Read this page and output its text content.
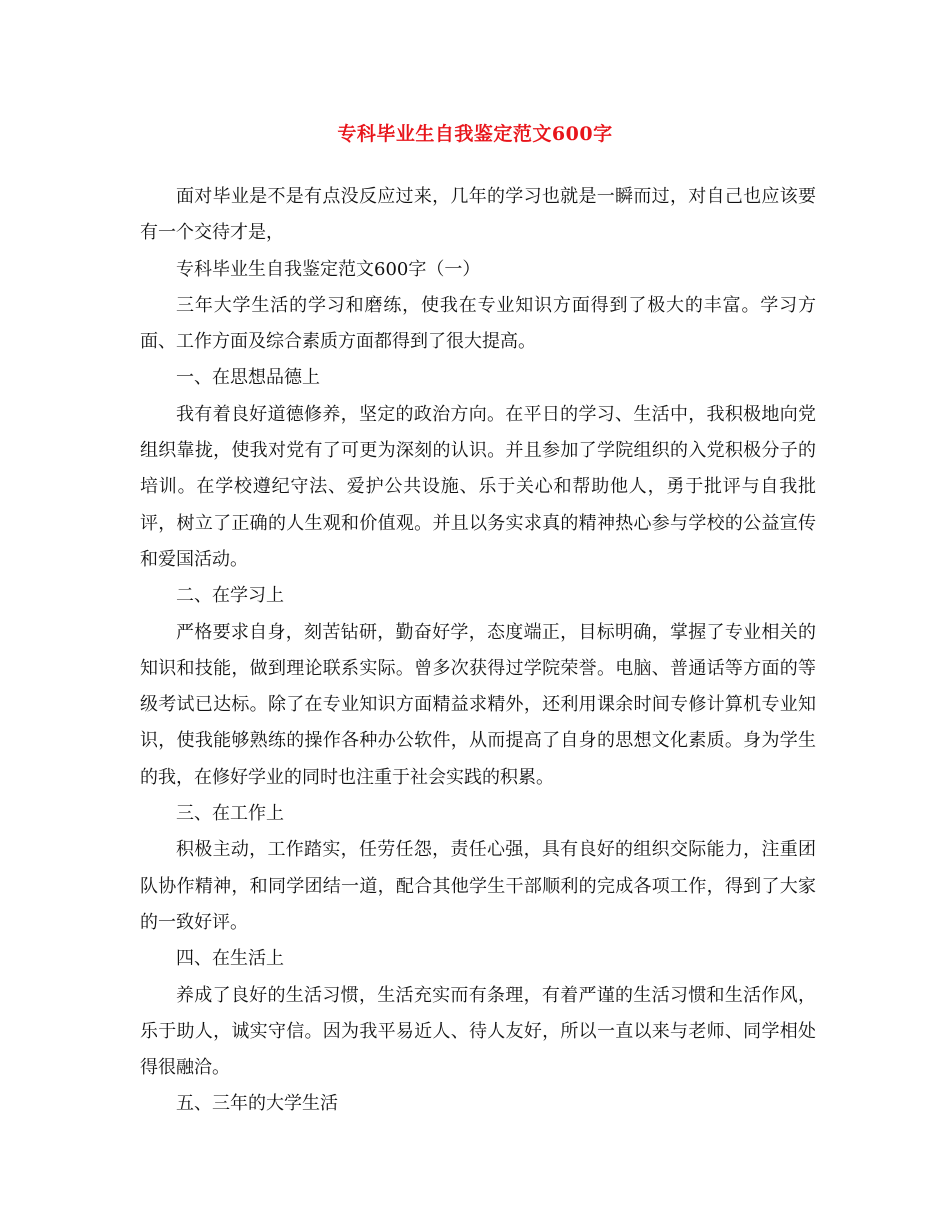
专科毕业生自我鉴定范文600字

面对毕业是不是有点没反应过来，几年的学习也就是一瞬而过，对自己也应该要有一个交待才是，

专科毕业生自我鉴定范文600字（一）

三年大学生活的学习和磨练，使我在专业知识方面得到了极大的丰富。学习方面、工作方面及综合素质方面都得到了很大提高。

一、在思想品德上

我有着良好道德修养，坚定的政治方向。在平日的学习、生活中，我积极地向党组织靠拢，使我对党有了可更为深刻的认识。并且参加了学院组织的入党积极分子的培训。在学校遵纪守法、爱护公共设施、乐于关心和帮助他人，勇于批评与自我批评，树立了正确的人生观和价值观。并且以务实求真的精神热心参与学校的公益宣传和爱国活动。

二、在学习上

严格要求自身，刻苦钻研，勤奋好学，态度端正，目标明确，掌握了专业相关的知识和技能，做到理论联系实际。曾多次获得过学院荣誉。电脑、普通话等方面的等级考试已达标。除了在专业知识方面精益求精外，还利用课余时间专修计算机专业知识，使我能够熟练的操作各种办公软件，从而提高了自身的思想文化素质。身为学生的我，在修好学业的同时也注重于社会实践的积累。

三、在工作上

积极主动，工作踏实，任劳任怨，责任心强，具有良好的组织交际能力，注重团队协作精神，和同学团结一道，配合其他学生干部顺利的完成各项工作，得到了大家的一致好评。

四、在生活上

养成了良好的生活习惯，生活充实而有条理，有着严谨的生活习惯和生活作风，乐于助人，诚实守信。因为我平易近人、待人友好，所以一直以来与老师、同学相处得很融洽。

五、三年的大学生活
